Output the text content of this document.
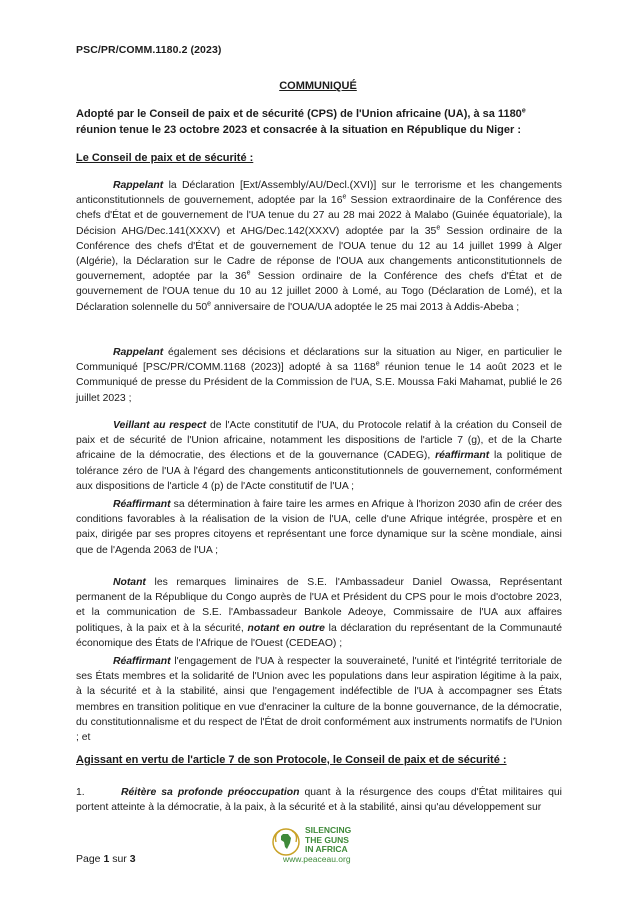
PSC/PR/COMM.1180.2 (2023)
COMMUNIQUÉ
Adopté par le Conseil de paix et de sécurité (CPS) de l'Union africaine (UA), à sa 1180e réunion tenue le 23 octobre 2023 et consacrée à la situation en République du Niger :
Le Conseil de paix et de sécurité :
Rappelant la Déclaration [Ext/Assembly/AU/Decl.(XVI)] sur le terrorisme et les changements anticonstitutionnels de gouvernement, adoptée par la 16e Session extraordinaire de la Conférence des chefs d'État et de gouvernement de l'UA tenue du 27 au 28 mai 2022 à Malabo (Guinée équatoriale), la Décision AHG/Dec.141(XXXV) et AHG/Dec.142(XXXV) adoptée par la 35e Session ordinaire de la Conférence des chefs d'État et de gouvernement de l'OUA tenue du 12 au 14 juillet 1999 à Alger (Algérie), la Déclaration sur le Cadre de réponse de l'OUA aux changements anticonstitutionnels de gouvernement, adoptée par la 36e Session ordinaire de la Conférence des chefs d'État et de gouvernement de l'OUA tenue du 10 au 12 juillet 2000 à Lomé, au Togo (Déclaration de Lomé), et la Déclaration solennelle du 50e anniversaire de l'OUA/UA adoptée le 25 mai 2013 à Addis-Abeba ;
Rappelant également ses décisions et déclarations sur la situation au Niger, en particulier le Communiqué [PSC/PR/COMM.1168 (2023)] adopté à sa 1168e réunion tenue le 14 août 2023 et le Communiqué de presse du Président de la Commission de l'UA, S.E. Moussa Faki Mahamat, publié le 26 juillet 2023 ;
Veillant au respect de l'Acte constitutif de l'UA, du Protocole relatif à la création du Conseil de paix et de sécurité de l'Union africaine, notamment les dispositions de l'article 7 (g), et de la Charte africaine de la démocratie, des élections et de la gouvernance (CADEG), réaffirmant la politique de tolérance zéro de l'UA à l'égard des changements anticonstitutionnels de gouvernement, conformément aux dispositions de l'article 4 (p) de l'Acte constitutif de l'UA ;
Réaffirmant sa détermination à faire taire les armes en Afrique à l'horizon 2030 afin de créer des conditions favorables à la réalisation de la vision de l'UA, celle d'une Afrique intégrée, prospère et en paix, dirigée par ses propres citoyens et représentant une force dynamique sur la scène mondiale, ainsi que de l'Agenda 2063 de l'UA ;
Notant les remarques liminaires de S.E. l'Ambassadeur Daniel Owassa, Représentant permanent de la République du Congo auprès de l'UA et Président du CPS pour le mois d'octobre 2023, et la communication de S.E. l'Ambassadeur Bankole Adeoye, Commissaire de l'UA aux affaires politiques, à la paix et à la sécurité, notant en outre la déclaration du représentant de la Communauté économique des États de l'Afrique de l'Ouest (CEDEAO) ;
Réaffirmant l'engagement de l'UA à respecter la souveraineté, l'unité et l'intégrité territoriale de ses États membres et la solidarité de l'Union avec les populations dans leur aspiration légitime à la paix, à la sécurité et à la stabilité, ainsi que l'engagement indéfectible de l'UA à accompagner ses États membres en transition politique en vue d'enraciner la culture de la bonne gouvernance, de la démocratie, du constitutionnalisme et du respect de l'État de droit conformément aux instruments normatifs de l'Union ; et
Agissant en vertu de l'article 7 de son Protocole, le Conseil de paix et de sécurité :
1.	Réitère sa profonde préoccupation quant à la résurgence des coups d'État militaires qui portent atteinte à la démocratie, à la paix, à la sécurité et à la stabilité, ainsi qu'au développement sur
Page 1 sur 3
SILENCING
THE GUNS
IN AFRICA
www.peaceau.org
